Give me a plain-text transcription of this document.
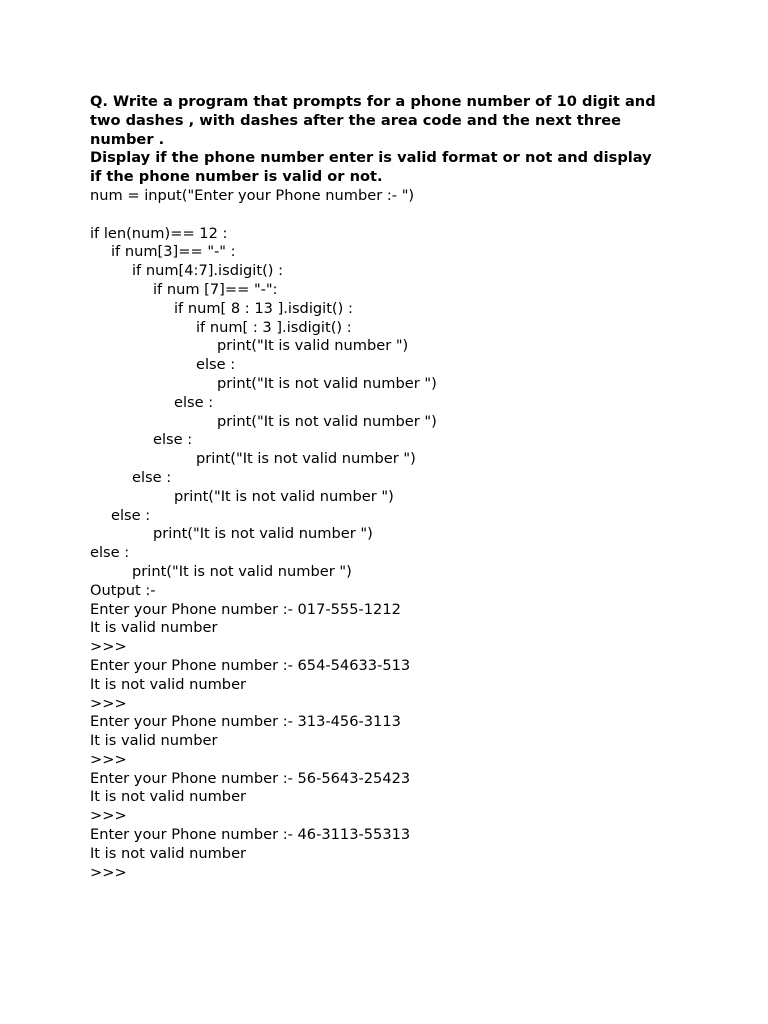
Q. Write a program that prompts for a phone number of 10 digit and
two dashes , with dashes after the area code and the next three
number .
Display if the phone number enter is valid format or not and display
if the phone number is valid or not.
num = input("Enter your Phone number :- ")
if len(num)== 12 :
if num[3]== "-" :
if num[4:7].isdigit() :
if num [7]== "-":
if num[ 8 : 13 ].isdigit() :
if num[ : 3 ].isdigit() :
print("It is valid number ")
else :
print("It is not valid number ")
else :
print("It is not valid number ")
else :
print("It is not valid number ")
else :
print("It is not valid number ")
else :
print("It is not valid number ")
else :
print("It is not valid number ")
Output :-
Enter your Phone number :- 017-555-1212
It is valid number
>>>
Enter your Phone number :- 654-54633-513
It is not valid number
>>>
Enter your Phone number :- 313-456-3113
It is valid number
>>>
Enter your Phone number :- 56-5643-25423
It is not valid number
>>>
Enter your Phone number :- 46-3113-55313
It is not valid number
>>>
